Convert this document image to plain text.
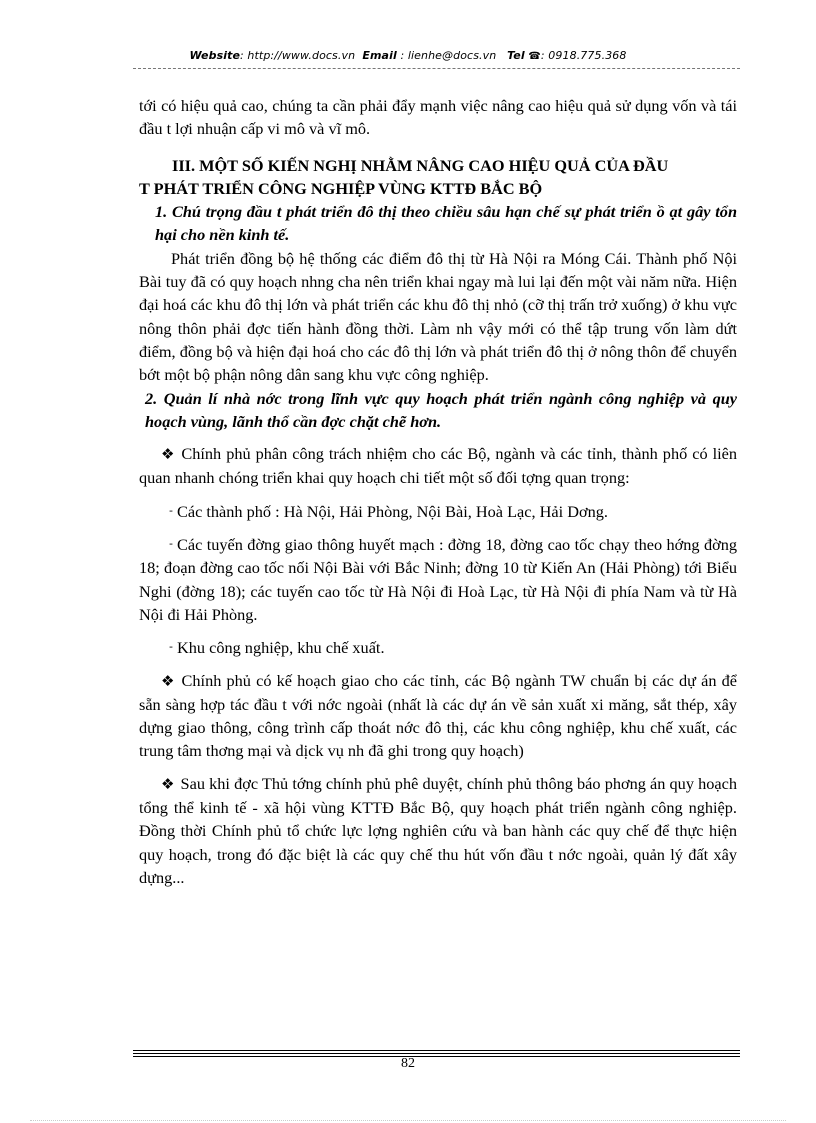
Website: http://www.docs.vn Email : lienhe@docs.vn Tel ☎: 0918.775.368

tới có hiệu quả cao, chúng ta cần phải đẩy mạnh việc nâng cao hiệu quả sử dụng vốn và tái đầu t lợi nhuận cấp vi mô và vĩ mô.

III. MỘT SỐ KIẾN NGHỊ NHẰM NÂNG CAO HIỆU QUẢ CỦA ĐẦU
T PHÁT TRIỂN CÔNG NGHIỆP VÙNG KTTĐ BẮC BỘ

1. Chú trọng đầu t phát triển đô thị theo chiều sâu hạn chế sự phát triển ồ ạt gây tổn hại cho nền kinh tế.

Phát triển đồng bộ hệ thống các điểm đô thị từ Hà Nội ra Móng Cái. Thành phố Nội Bài tuy đã có quy hoạch nhng cha nên triển khai ngay mà lui lại đến một vài năm nữa. Hiện đại hoá các khu đô thị lớn và phát triển các khu đô thị nhỏ (cỡ thị trấn trở xuống) ở khu vực nông thôn phải đợc tiến hành đồng thời. Làm nh vậy mới có thể tập trung vốn làm dứt điểm, đồng bộ và hiện đại hoá cho các đô thị lớn và phát triển đô thị ở nông thôn để chuyển bớt một bộ phận nông dân sang khu vực công nghiệp.

2. Quản lí nhà nớc trong lĩnh vực quy hoạch phát triển ngành công nghiệp và quy hoạch vùng, lãnh thổ cần đợc chặt chẽ hơn.

❖ Chính phủ phân công trách nhiệm cho các Bộ, ngành và các tỉnh, thành phố có liên quan nhanh chóng triển khai quy hoạch chi tiết một số đối tợng quan trọng:

- Các thành phố : Hà Nội, Hải Phòng, Nội Bài, Hoà Lạc, Hải Dơng.

- Các tuyến đờng giao thông huyết mạch : đờng 18, đờng cao tốc chạy theo hớng đờng 18; đoạn đờng cao tốc nối Nội Bài với Bắc Ninh; đờng 10 từ Kiến An (Hải Phòng) tới Biểu Nghi (đờng 18); các tuyến cao tốc từ Hà Nội đi Hoà Lạc, từ Hà Nội đi phía Nam và từ Hà Nội đi Hải Phòng.

- Khu công nghiệp, khu chế xuất.

❖ Chính phủ có kế hoạch giao cho các tỉnh, các Bộ ngành TW chuẩn bị các dự án để sẵn sàng hợp tác đầu t với nớc ngoài (nhất là các dự án về sản xuất xi măng, sắt thép, xây dựng giao thông, công trình cấp thoát nớc đô thị, các khu công nghiệp, khu chế xuất, các trung tâm thơng mại và dịck vụ nh đã ghi trong quy hoạch)

❖ Sau khi đợc Thủ tớng chính phủ phê duyệt, chính phủ thông báo phơng án quy hoạch tổng thể kinh tế - xã hội vùng KTTĐ Bắc Bộ, quy hoạch phát triển ngành công nghiệp. Đồng thời Chính phủ tổ chức lực lợng nghiên cứu và ban hành các quy chế để thực hiện quy hoạch, trong đó đặc biệt là các quy chế thu hút vốn đầu t nớc ngoài, quản lý đất xây dựng...

82
